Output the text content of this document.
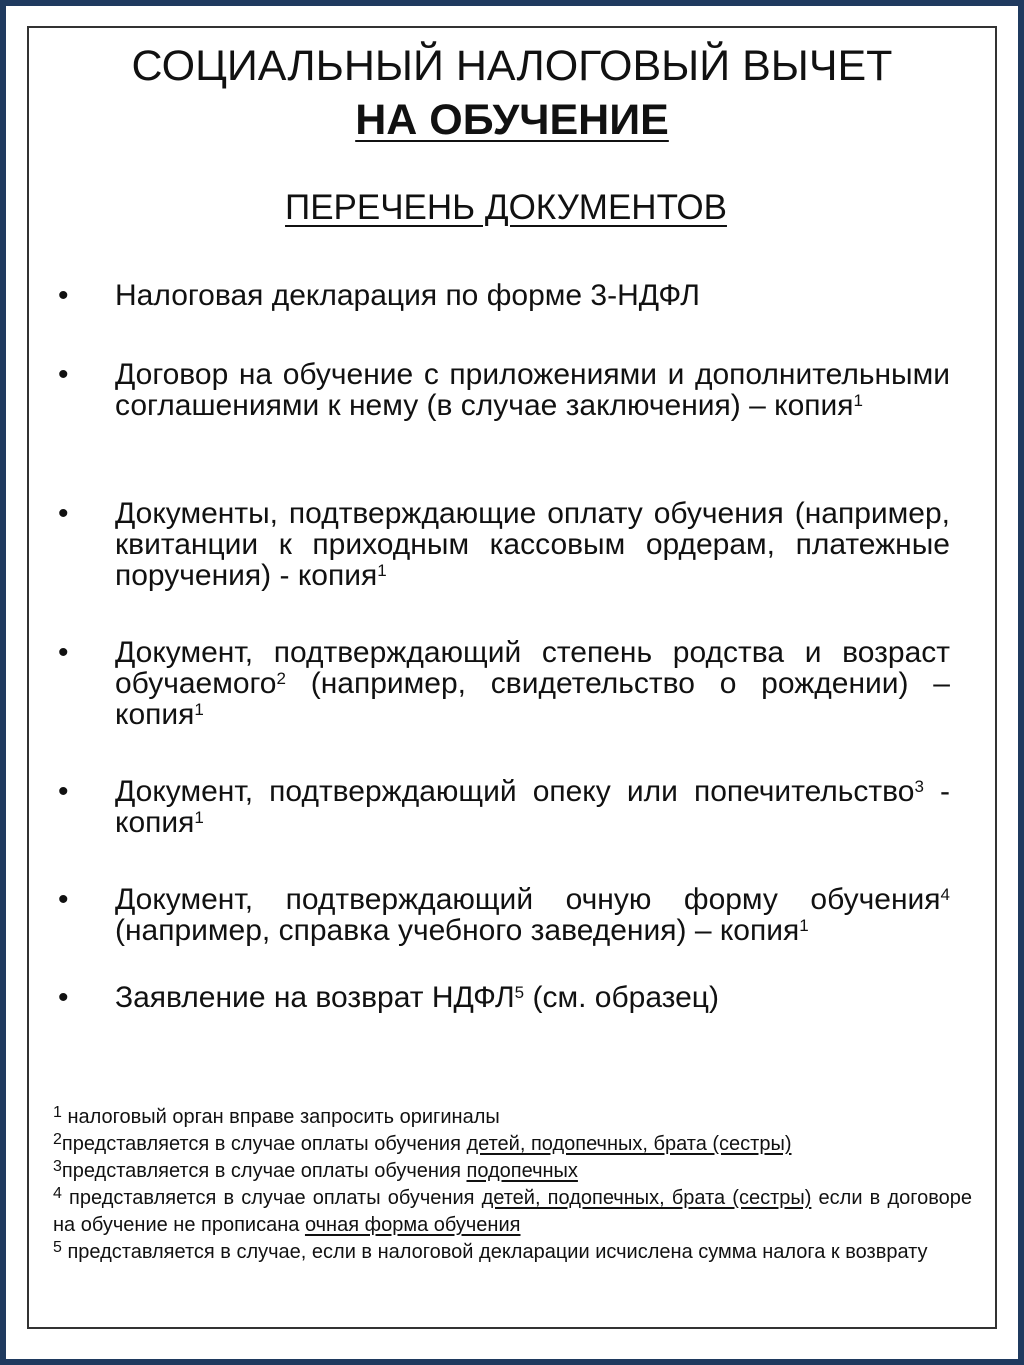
СОЦИАЛЬНЫЙ НАЛОГОВЫЙ ВЫЧЕТ
НА ОБУЧЕНИЕ
ПЕРЕЧЕНЬ ДОКУМЕНТОВ
•	Налоговая декларация по форме 3-НДФЛ
•	Договор на обучение с приложениями и дополнительными соглашениями к нему (в случае заключения) – копия$^1$
•	Документы, подтверждающие оплату обучения (например, квитанции к приходным кассовым ордерам, платежные поручения) - копия$^1$
•	Документ, подтверждающий степень родства и возраст обучаемого$^2$ (например, свидетельство о рождении) – копия$^1$
•	Документ, подтверждающий опеку или попечительство$^3$ - копия$^1$
•	Документ, подтверждающий очную форму обучения$^4$ (например, справка учебного заведения) – копия$^1$
•	Заявление на возврат НДФЛ$^5$ (см. образец)
$^1$ налоговый орган вправе запросить оригиналы
$^2$представляется в случае оплаты обучения детей, подопечных, брата (сестры)
$^3$представляется в случае оплаты обучения подопечных
$^4$ представляется в случае оплаты обучения детей, подопечных, брата (сестры) если в договоре на обучение не прописана очная форма обучения
$^5$ представляется в случае, если в налоговой декларации исчислена сумма налога к возврату
